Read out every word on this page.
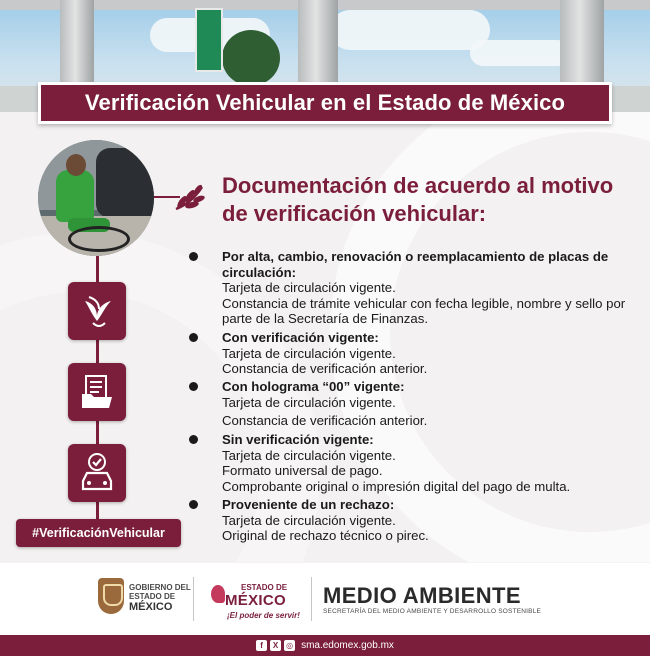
Verificación Vehicular en el Estado de México
#VerificaciónVehicular
Documentación de acuerdo al motivo de verificación vehicular:
Por alta, cambio, renovación o reemplacamiento de placas de circulación:
Tarjeta de circulación vigente.
Constancia de trámite vehicular con fecha legible, nombre y sello por parte de la Secretaría de Finanzas.
Con verificación vigente:
Tarjeta de circulación vigente.
Constancia de verificación anterior.
Con holograma “00” vigente:
Tarjeta de circulación vigente.
Constancia de verificación anterior.
Sin verificación vigente:
Tarjeta de circulación vigente.
Formato universal de pago.
Comprobante original o impresión digital del pago de multa.
Proveniente de un rechazo:
Tarjeta de circulación vigente.
Original de rechazo técnico o pirec.
GOBIERNO DEL
ESTADO DE
MÉXICO
ESTADO DE
MÉXICO
¡El poder de servir!
MEDIO AMBIENTE
SECRETARÍA DEL MEDIO AMBIENTE Y DESARROLLO SOSTENIBLE
f	X ◎ sma.edomex.gob.mx
